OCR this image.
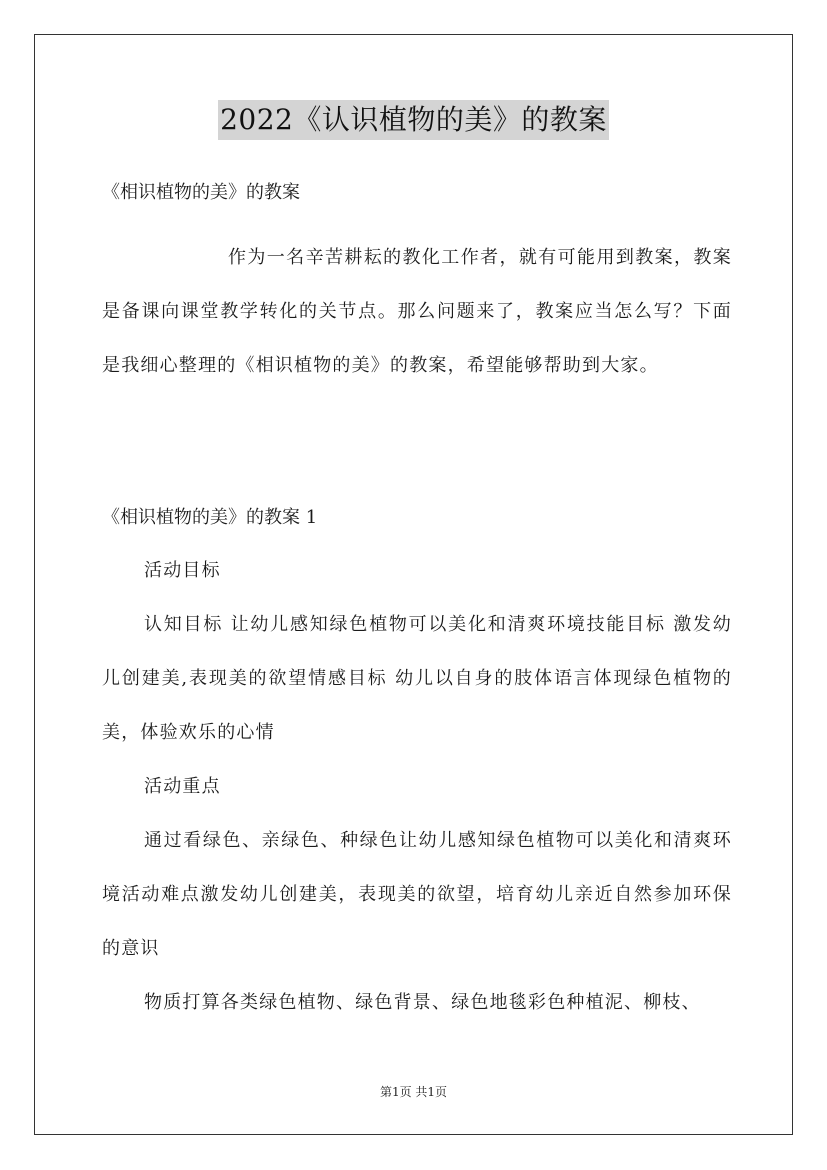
2022《认识植物的美》的教案
《相识植物的美》的教案

作为一名辛苦耕耘的教化工作者，就有可能用到教案，教案是备课向课堂教学转化的关节点。那么问题来了，教案应当怎么写？下面是我细心整理的《相识植物的美》的教案，希望能够帮助到大家。

《相识植物的美》的教案 1

活动目标

认知目标 让幼儿感知绿色植物可以美化和清爽环境技能目标 激发幼儿创建美,表现美的欲望情感目标 幼儿以自身的肢体语言体现绿色植物的美，体验欢乐的心情

活动重点

通过看绿色、亲绿色、种绿色让幼儿感知绿色植物可以美化和清爽环境活动难点激发幼儿创建美，表现美的欲望，培育幼儿亲近自然参加环保的意识

物质打算各类绿色植物、绿色背景、绿色地毯彩色种植泥、柳枝、

第1页 共1页
